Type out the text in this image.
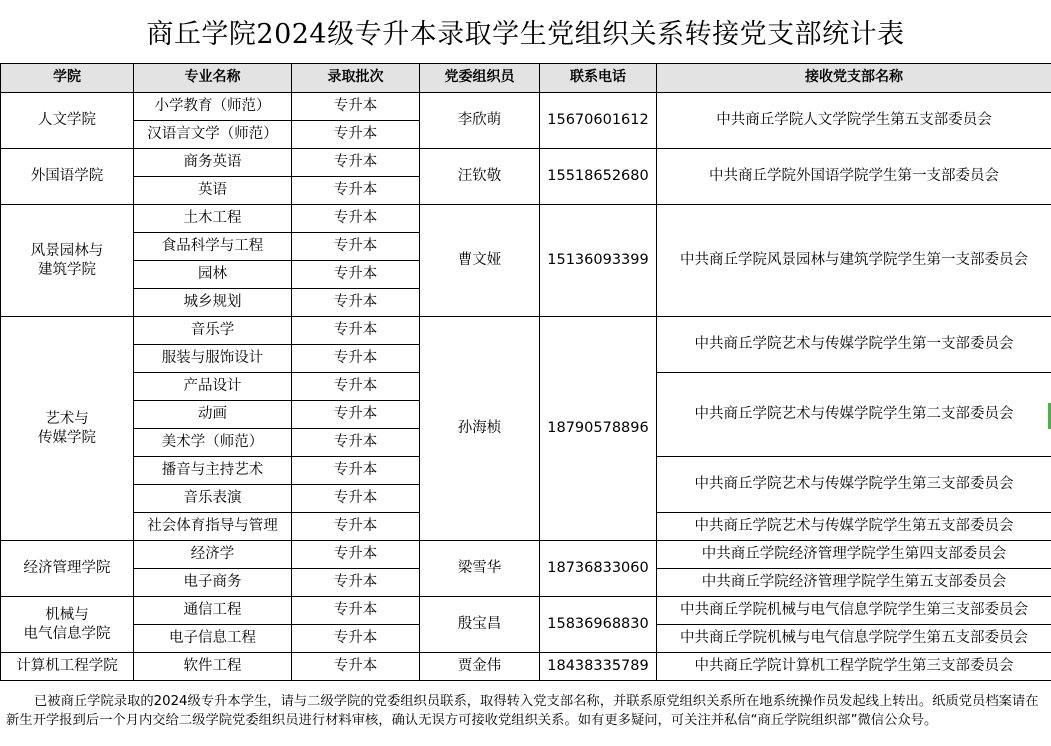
商丘学院2024级专升本录取学生党组织关系转接党支部统计表
学院	专业名称	录取批次	党委组织员	联系电话	接收党支部名称
人文学院	小学教育（师范）	专升本	李欣萌	15670601612	中共商丘学院人文学院学生第五支部委员会
	汉语言文学（师范）	专升本			
外国语学院	商务英语	专升本	汪钦敬	15518652680	中共商丘学院外国语学院学生第一支部委员会
	英语	专升本			

风景园林与
建筑学院	土木工程	专升本	曹文娅	15136093399	中共商丘学院风景园林与建筑学院学生第一支部委员会
	食品科学与工程	专升本			
	园林	专升本			
	城乡规划	专升本			

艺术与
传媒学院	音乐学	专升本	孙海桢	18790578896	中共商丘学院艺术与传媒学院学生第一支部委员会
	服装与服饰设计	专升本			
	产品设计	专升本			中共商丘学院艺术与传媒学院学生第二支部委员会
	动画	专升本			
	美术学（师范）	专升本			
	播音与主持艺术	专升本			中共商丘学院艺术与传媒学院学生第三支部委员会
	音乐表演	专升本			
	社会体育指导与管理	专升本			中共商丘学院艺术与传媒学院学生第五支部委员会
经济管理学院	经济学	专升本	梁雪华	18736833060	中共商丘学院经济管理学院学生第四支部委员会
	电子商务	专升本			中共商丘学院经济管理学院学生第五支部委员会

机械与
电气信息学院	通信工程	专升本	殷宝昌	15836968830	中共商丘学院机械与电气信息学院学生第三支部委员会
	电子信息工程	专升本			中共商丘学院机械与电气信息学院学生第五支部委员会
计算机工程学院	软件工程	专升本	贾金伟	18438335789	中共商丘学院计算机工程学院学生第三支部委员会
已被商丘学院录取的2024级专升本学生，请与二级学院的党委组织员联系，取得转入党支部名称，并联系原党组织关系所在地系统操作员发起线上转出。纸质党员档案请在新生开学报到后一个月内交给二级学院党委组织员进行材料审核，确认无误方可接收党组织关系。如有更多疑问，可关注并私信“商丘学院组织部”微信公众号。
